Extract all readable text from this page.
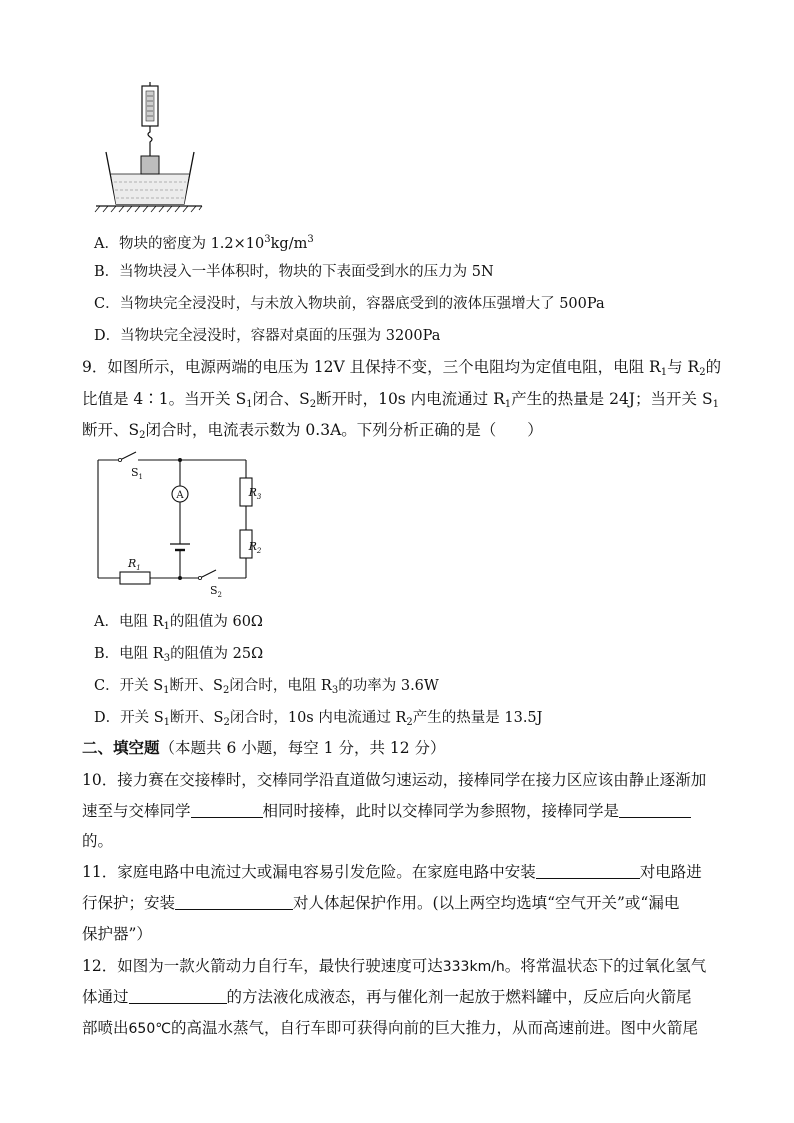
A．物块的密度为 $1.2\times 10^3kg/m^3$
B．当物块浸入一半体积时，物块的下表面受到水的压力为 5N
C．当物块完全浸没时，与未放入物块前，容器底受到的液体压强增大了 500Pa
D．当物块完全浸没时，容器对桌面的压强为 3200Pa
9．如图所示，电源两端的电压为 12V 且保持不变，三个电阻均为定值电阻，电阻 $R_1$与 $R_2$的
比值是 4∶1。当开关 $S_1$闭合、$S_2$断开时，10s 内电流通过 $R_1$产生的热量是 24J；当开关 $S_1$
断开、$S_2$闭合时，电流表示数为 0.3A。下列分析正确的是（　　）
$S_1$
$S_2$
$R_1$
$R_3$
$R_2$
A
A．电阻 $R_1$的阻值为 60Ω
B．电阻 $R_3$的阻值为 25Ω
C．开关 $S_1$断开、$S_2$闭合时，电阻 $R_3$的功率为 3.6W
D．开关 $S_1$断开、$S_2$闭合时，10s 内电流通过 $R_2$产生的热量是 13.5J
二、填空题（本题共 6 小题，每空 1 分，共 12 分）
10．接力赛在交接棒时，交棒同学沿直道做匀速运动，接棒同学在接力区应该由静止逐渐加
速至与交棒同学	相同时接棒，此时以交棒同学为参照物，接棒同学是
的。
11．家庭电路中电流过大或漏电容易引发危险。在家庭电路中安装	对电路进
行保护；安装	对人体起保护作用。(以上两空均选填“空气开关”或“漏电
保护器”）
12．如图为一款火箭动力自行车，最快行驶速度可达333km/h。将常温状态下的过氧化氢气
体通过	的方法液化成液态，再与催化剂一起放于燃料罐中，反应后向火箭尾
部喷出650℃的高温水蒸气，自行车即可获得向前的巨大推力，从而高速前进。图中火箭尾
